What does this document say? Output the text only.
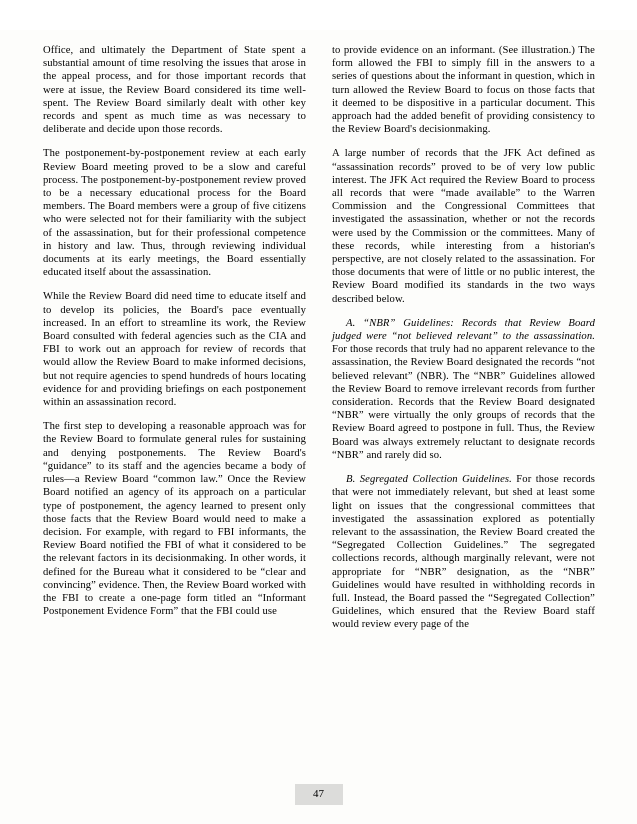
Office, and ultimately the Department of State spent a substantial amount of time resolving the issues that arose in the appeal process, and for those important records that were at issue, the Review Board considered its time well-spent. The Review Board similarly dealt with other key records and spent as much time as was necessary to deliberate and decide upon those records.

The postponement-by-postponement review at each early Review Board meeting proved to be a slow and careful process. The postponement-by-postponement review proved to be a necessary educational process for the Board members. The Board members were a group of five citizens who were selected not for their familiarity with the subject of the assassination, but for their professional competence in history and law. Thus, through reviewing individual documents at its early meetings, the Board essentially educated itself about the assassination.

While the Review Board did need time to educate itself and to develop its policies, the Board's pace eventually increased. In an effort to streamline its work, the Review Board consulted with federal agencies such as the CIA and FBI to work out an approach for review of records that would allow the Review Board to make informed decisions, but not require agencies to spend hundreds of hours locating evidence for and providing briefings on each postponement within an assassination record.

The first step to developing a reasonable approach was for the Review Board to formulate general rules for sustaining and denying postponements. The Review Board's “guidance” to its staff and the agencies became a body of rules—a Review Board “common law.” Once the Review Board notified an agency of its approach on a particular type of postponement, the agency learned to present only those facts that the Review Board would need to make a decision. For example, with regard to FBI informants, the Review Board notified the FBI of what it considered to be the relevant factors in its decisionmaking. In other words, it defined for the Bureau what it considered to be “clear and convincing” evidence. Then, the Review Board worked with the FBI to create a one-page form titled an “Informant Postponement Evidence Form” that the FBI could use

to provide evidence on an informant. (See illustration.) The form allowed the FBI to simply fill in the answers to a series of questions about the informant in question, which in turn allowed the Review Board to focus on those facts that it deemed to be dispositive in a particular document. This approach had the added benefit of providing consistency to the Review Board's decisionmaking.

A large number of records that the JFK Act defined as “assassination records” proved to be of very low public interest. The JFK Act required the Review Board to process all records that were “made available” to the Warren Commission and the Congressional Committees that investigated the assassination, whether or not the records were used by the Commission or the committees. Many of these records, while interesting from a historian's perspective, are not closely related to the assassination. For those documents that were of little or no public interest, the Review Board modified its standards in the two ways described below.

A. “NBR” Guidelines: Records that Review Board judged were “not believed relevant” to the assassination. For those records that truly had no apparent relevance to the assassination, the Review Board designated the records “not believed relevant” (NBR). The “NBR” Guidelines allowed the Review Board to remove irrelevant records from further consideration. Records that the Review Board designated “NBR” were virtually the only groups of records that the Review Board agreed to postpone in full. Thus, the Review Board was always extremely reluctant to designate records “NBR” and rarely did so.

B. Segregated Collection Guidelines. For those records that were not immediately relevant, but shed at least some light on issues that the congressional committees that investigated the assassination explored as potentially relevant to the assassination, the Review Board created the “Segregated Collection Guidelines.” The segregated collections records, although marginally relevant, were not appropriate for “NBR” designation, as the “NBR” Guidelines would have resulted in withholding records in full. Instead, the Board passed the “Segregated Collection” Guidelines, which ensured that the Review Board staff would review every page of the

47
